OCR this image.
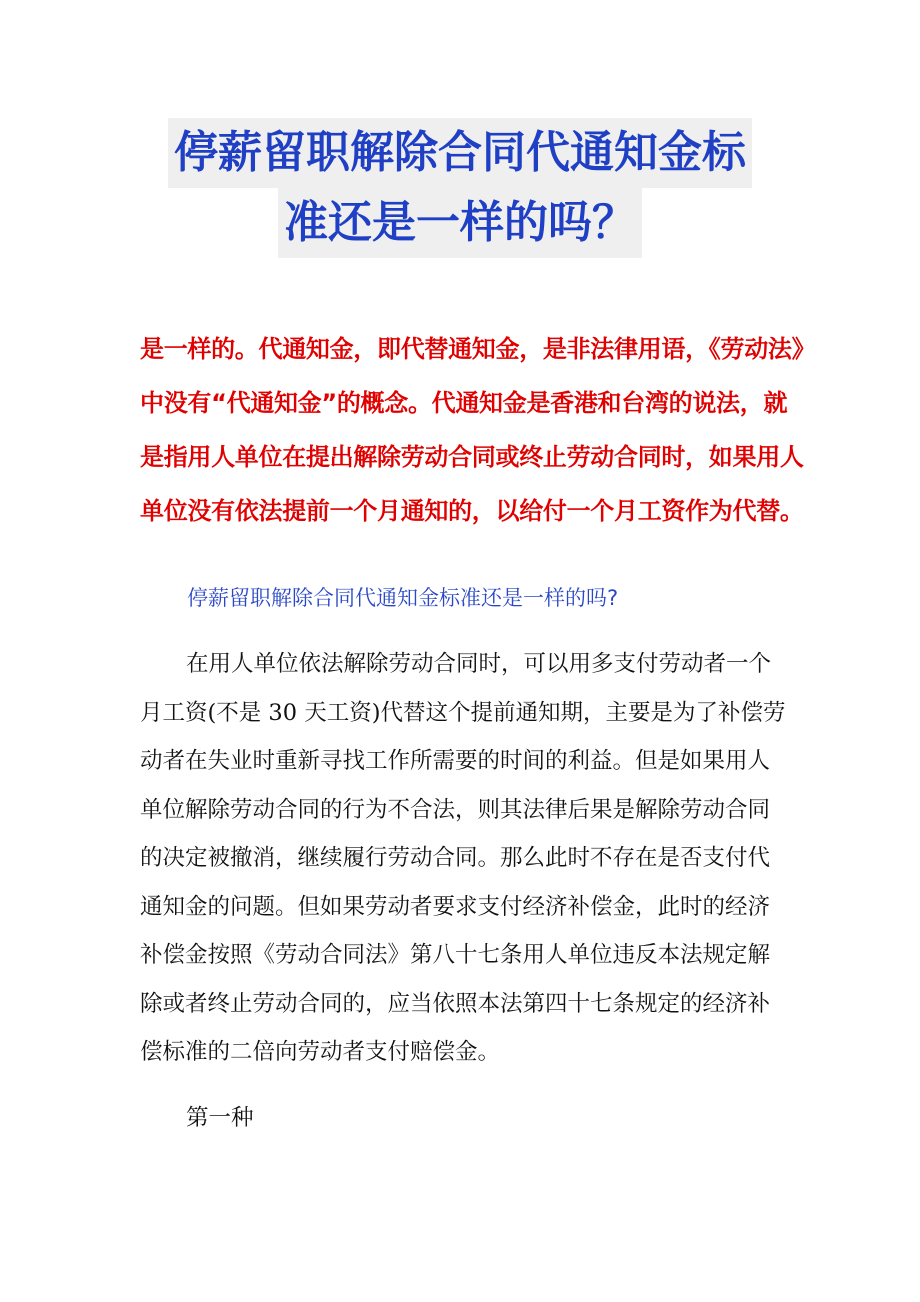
停薪留职解除合同代通知金标
准还是一样的吗？
是一样的。代通知金，即代替通知金，是非法律用语，《劳动法》
中没有“代通知金”的概念。代通知金是香港和台湾的说法，就
是指用人单位在提出解除劳动合同或终止劳动合同时，如果用人
单位没有依法提前一个月通知的，以给付一个月工资作为代替。
停薪留职解除合同代通知金标准还是一样的吗?
在用人单位依法解除劳动合同时，可以用多支付劳动者一个
月工资(不是 30 天工资)代替这个提前通知期，主要是为了补偿劳
动者在失业时重新寻找工作所需要的时间的利益。但是如果用人
单位解除劳动合同的行为不合法，则其法律后果是解除劳动合同
的决定被撤消，继续履行劳动合同。那么此时不存在是否支付代
通知金的问题。但如果劳动者要求支付经济补偿金，此时的经济
补偿金按照《劳动合同法》第八十七条用人单位违反本法规定解
除或者终止劳动合同的，应当依照本法第四十七条规定的经济补
偿标准的二倍向劳动者支付赔偿金。
第一种
